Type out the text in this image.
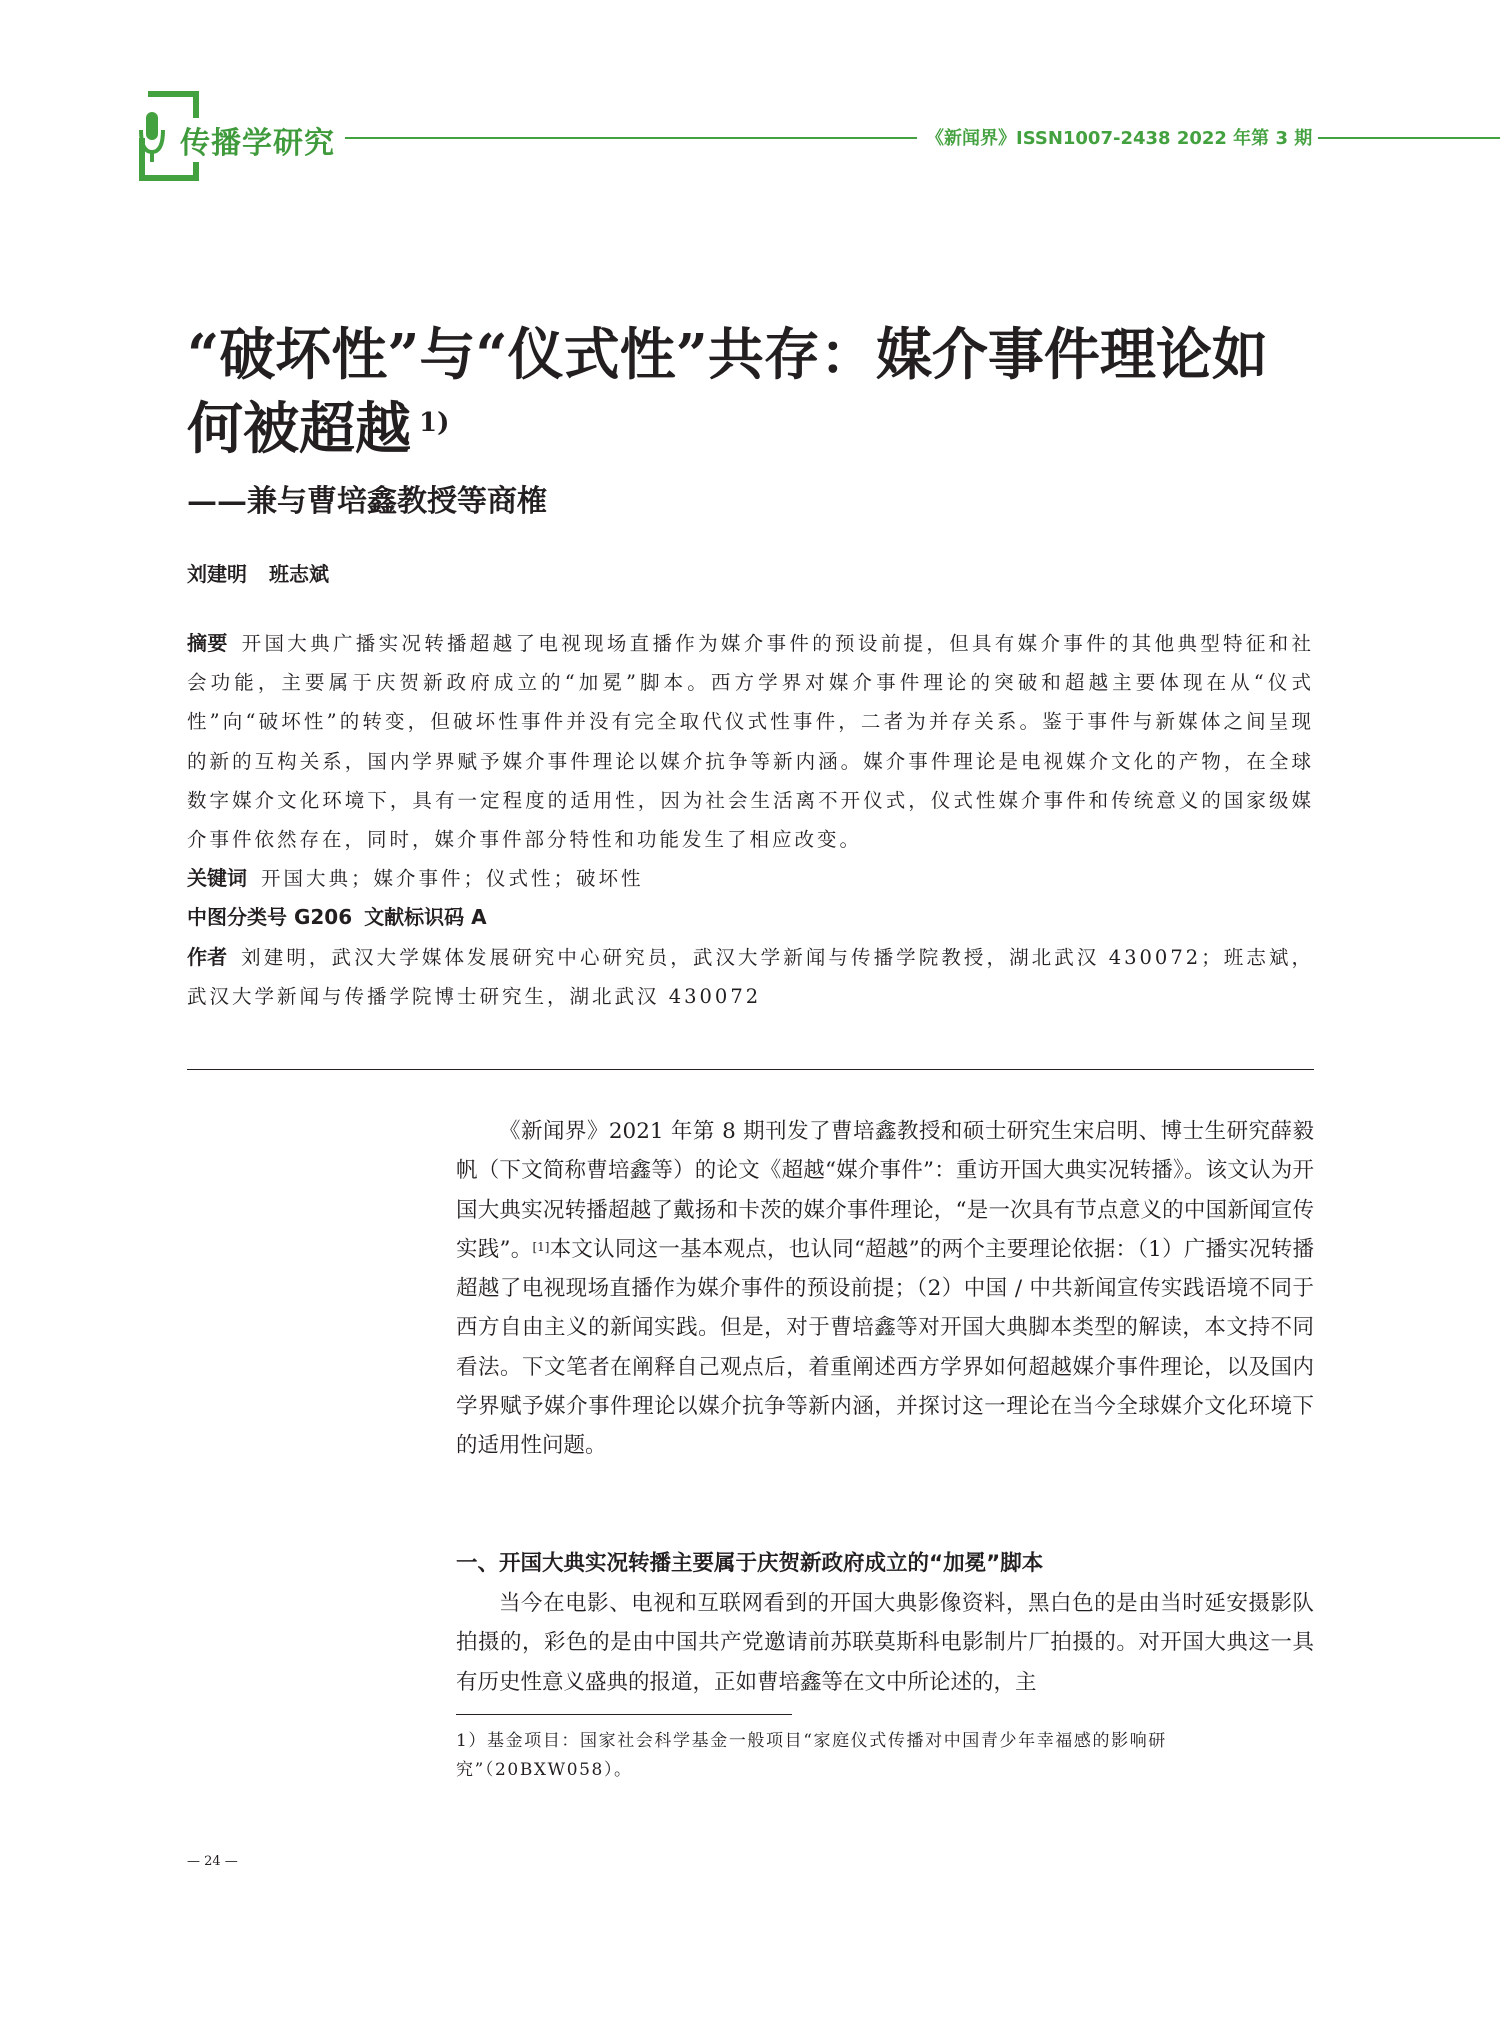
传播学研究	《新闻界》ISSN1007-2438 2022 年第 3 期
“破坏性”与“仪式性”共存：媒介事件理论如何被超越 $^{1)}$
——兼与曹培鑫教授等商榷
刘建明 班志斌

摘要 开国大典广播实况转播超越了电视现场直播作为媒介事件的预设前提，但具有媒介事件的其他典型特征和社会功能，主要属于庆贺新政府成立的“加冕”脚本。西方学界对媒介事件理论的突破和超越主要体现在从“仪式性”向“破坏性”的转变，但破坏性事件并没有完全取代仪式性事件，二者为并存关系。鉴于事件与新媒体之间呈现的新的互构关系，国内学界赋予媒介事件理论以媒介抗争等新内涵。媒介事件理论是电视媒介文化的产物，在全球数字媒介文化环境下，具有一定程度的适用性，因为社会生活离不开仪式，仪式性媒介事件和传统意义的国家级媒介事件依然存在，同时，媒介事件部分特性和功能发生了相应改变。

关键词 开国大典；媒介事件；仪式性；破坏性

中图分类号 G206 文献标识码 A

作者 刘建明，武汉大学媒体发展研究中心研究员，武汉大学新闻与传播学院教授，湖北武汉 430072；班志斌，武汉大学新闻与传播学院博士研究生，湖北武汉 430072

《新闻界》2021 年第 8 期刊发了曹培鑫教授和硕士研究生宋启明、博士生研究薛毅帆（下文简称曹培鑫等）的论文《超越“媒介事件”：重访开国大典实况转播》。该文认为开国大典实况转播超越了戴扬和卡茨的媒介事件理论，“是一次具有节点意义的中国新闻宣传实践”。[1]本文认同这一基本观点，也认同“超越”的两个主要理论依据：（1）广播实况转播超越了电视现场直播作为媒介事件的预设前提；（2）中国 / 中共新闻宣传实践语境不同于西方自由主义的新闻实践。但是，对于曹培鑫等对开国大典脚本类型的解读，本文持不同看法。下文笔者在阐释自己观点后，着重阐述西方学界如何超越媒介事件理论，以及国内学界赋予媒介事件理论以媒介抗争等新内涵，并探讨这一理论在当今全球媒介文化环境下的适用性问题。

一、开国大典实况转播主要属于庆贺新政府成立的“加冕”脚本

当今在电影、电视和互联网看到的开国大典影像资料，黑白色的是由当时延安摄影队拍摄的，彩色的是由中国共产党邀请前苏联莫斯科电影制片厂拍摄的。对开国大典这一具有历史性意义盛典的报道，正如曹培鑫等在文中所论述的，主

1）基金项目：国家社会科学基金一般项目“家庭仪式传播对中国青少年幸福感的影响研究”（20BXW058）。

— 24 —
